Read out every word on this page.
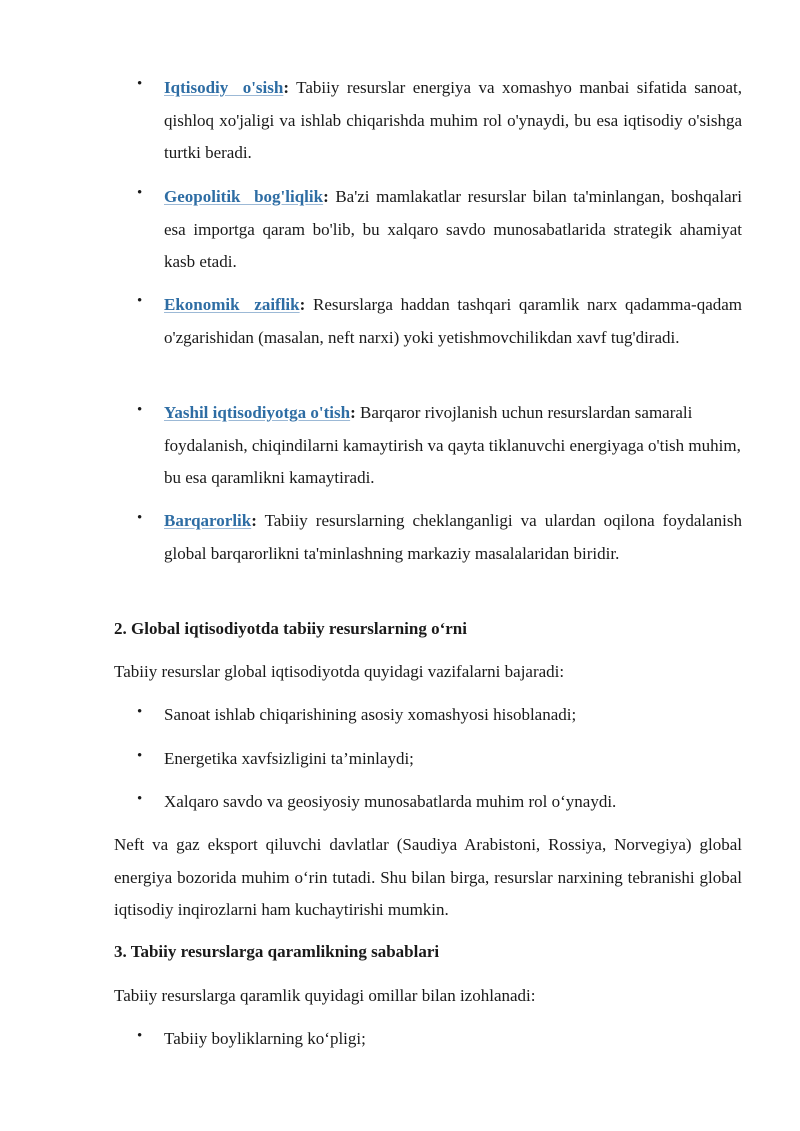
• Iqtisodiy o'sish: Tabiiy resurslar energiya va xomashyo manbai sifatida sanoat, qishloq xo'jaligi va ishlab chiqarishda muhim rol o'ynaydi, bu esa iqtisodiy o'sishga turtki beradi.
• Geopolitik bog'liqlik: Ba'zi mamlakatlar resurslar bilan ta'minlangan, boshqalari esa importga qaram bo'lib, bu xalqaro savdo munosabatlarida strategik ahamiyat kasb etadi.
• Ekonomik zaiflik: Resurslarga haddan tashqari qaramlik narx qadamma-qadam o'zgarishidan (masalan, neft narxi) yoki yetishmovchilikdan xavf tug'diradi.
• Yashil iqtisodiyotga o'tish: Barqaror rivojlanish uchun resurslardan samarali foydalanish, chiqindilarni kamaytirish va qayta tiklanuvchi energiyaga o'tish muhim, bu esa qaramlikni kamaytiradi.
• Barqarorlik: Tabiiy resurslarning cheklanganligi va ulardan oqilona foydalanish global barqarorlikni ta'minlashning markaziy masalalaridan biridir.
2. Global iqtisodiyotda tabiiy resurslarning o‘rni
Tabiiy resurslar global iqtisodiyotda quyidagi vazifalarni bajaradi:
• Sanoat ishlab chiqarishining asosiy xomashyosi hisoblanadi;
• Energetika xavfsizligini ta’minlaydi;
• Xalqaro savdo va geosiyosiy munosabatlarda muhim rol o‘ynaydi.
Neft va gaz eksport qiluvchi davlatlar (Saudiya Arabistoni, Rossiya, Norvegiya) global energiya bozorida muhim o‘rin tutadi. Shu bilan birga, resurslar narxining tebranishi global iqtisodiy inqirozlarni ham kuchaytirishi mumkin.
3. Tabiiy resurslarga qaramlikning sabablari
Tabiiy resurslarga qaramlik quyidagi omillar bilan izohlanadi:
• Tabiiy boyliklarning ko‘pligi;
